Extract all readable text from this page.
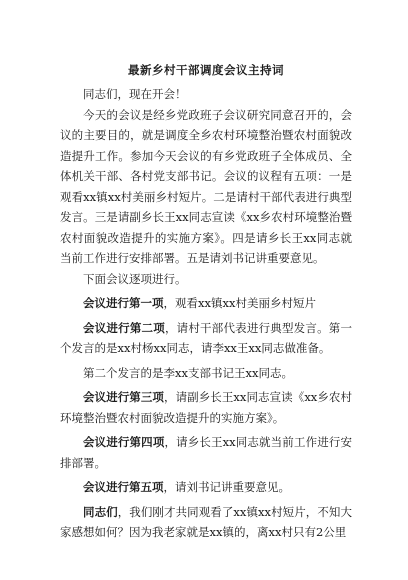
最新乡村干部调度会议主持词

同志们，现在开会！

今天的会议是经乡党政班子会议研究同意召开的，会议的主要目的，就是调度全乡农村环境整治暨农村面貌改造提升工作。参加今天会议的有乡党政班子全体成员、全体机关干部、各村党支部书记。会议的议程有五项：一是观看xx镇xx村美丽乡村短片。二是请村干部代表进行典型发言。三是请副乡长王xx同志宣读《xx乡农村环境整治暨农村面貌改造提升的实施方案》。四是请乡长王xx同志就当前工作进行安排部署。五是请刘书记讲重要意见。

下面会议逐项进行。

会议进行第一项，观看xx镇xx村美丽乡村短片

会议进行第二项，请村干部代表进行典型发言。第一个发言的是xx村杨xx同志，请李xx王xx同志做准备。

第二个发言的是李xx支部书记王xx同志。

会议进行第三项，请副乡长王xx同志宣读《xx乡农村环境整治暨农村面貌改造提升的实施方案》。

会议进行第四项，请乡长王xx同志就当前工作进行安排部署。

会议进行第五项，请刘书记讲重要意见。

同志们，我们刚才共同观看了xx镇xx村短片，不知大家感想如何？因为我老家就是xx镇的，离xx村只有2公里
